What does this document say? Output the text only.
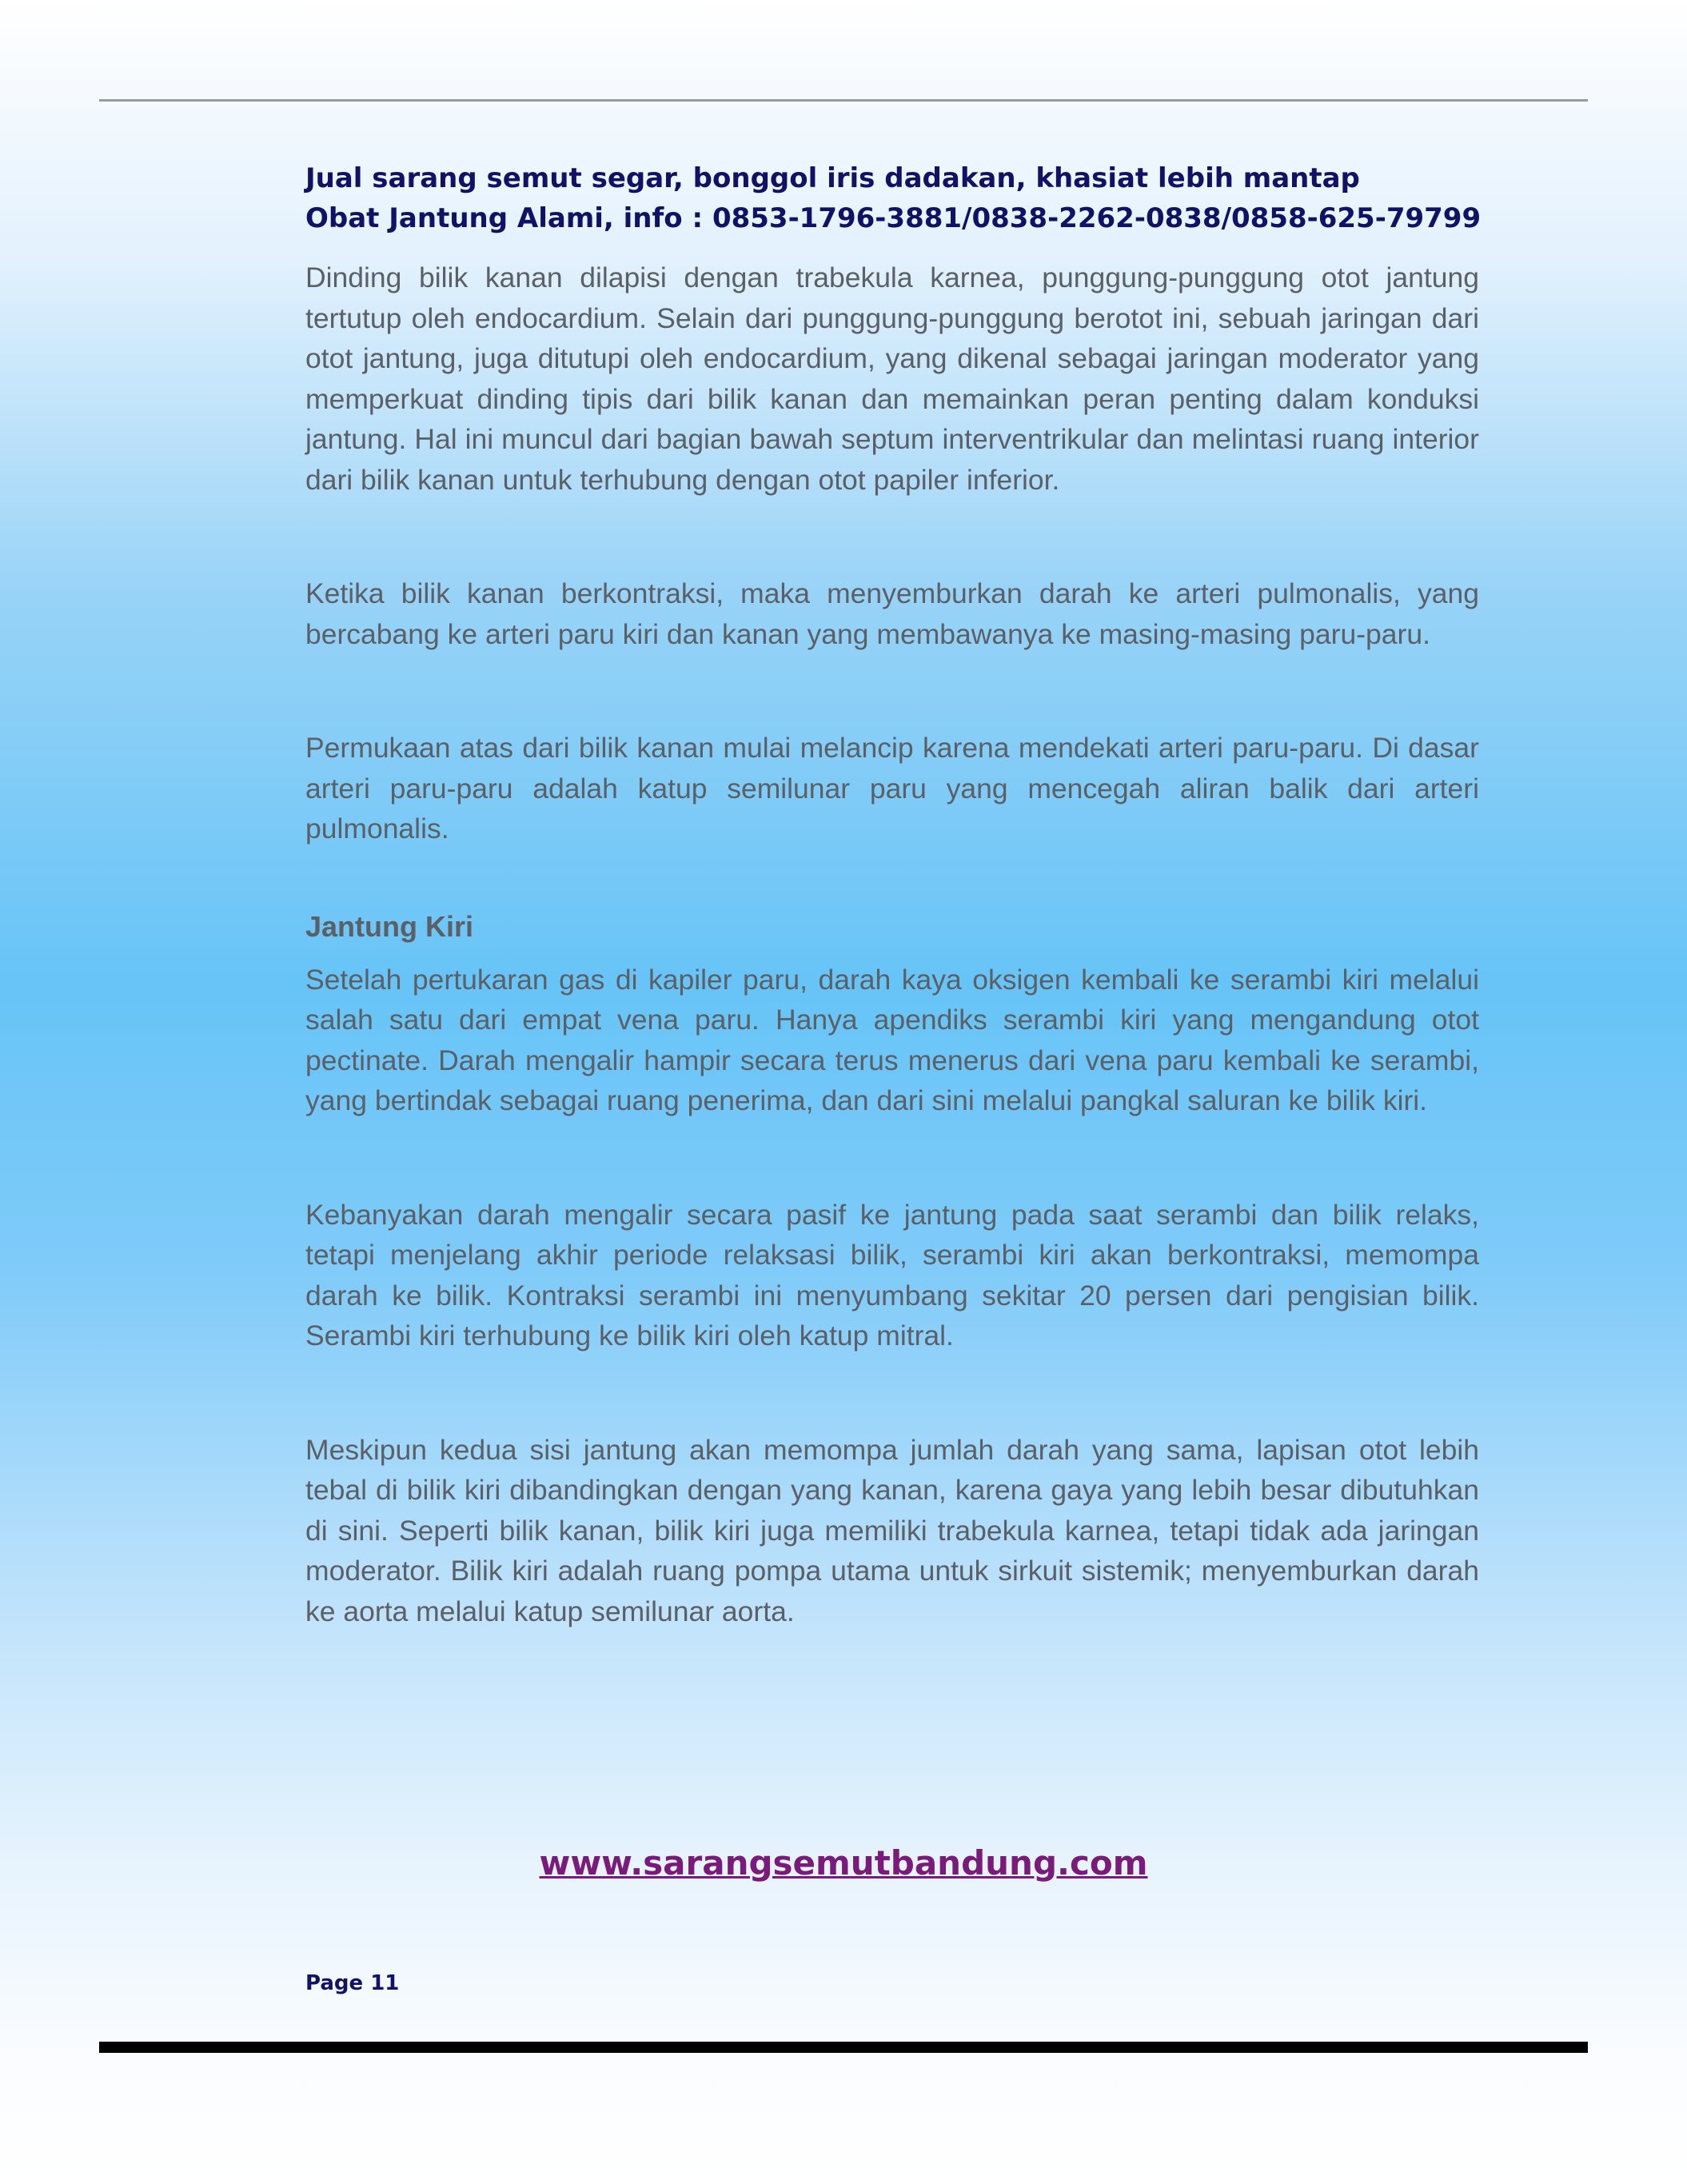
Jual sarang semut segar, bonggol iris dadakan, khasiat lebih mantap
Obat Jantung Alami, info : 0853-1796-3881/0838-2262-0838/0858-625-79799

Dinding bilik kanan dilapisi dengan trabekula karnea, punggung-punggung otot jantung tertutup oleh endocardium. Selain dari punggung-punggung berotot ini, sebuah jaringan dari otot jantung, juga ditutupi oleh endocardium, yang dikenal sebagai jaringan moderator yang memperkuat dinding tipis dari bilik kanan dan memainkan peran penting dalam konduksi jantung. Hal ini muncul dari bagian bawah septum interventrikular dan melintasi ruang interior dari bilik kanan untuk terhubung dengan otot papiler inferior.

Ketika bilik kanan berkontraksi, maka menyemburkan darah ke arteri pulmonalis, yang bercabang ke arteri paru kiri dan kanan yang membawanya ke masing-masing paru-paru.

Permukaan atas dari bilik kanan mulai melancip karena mendekati arteri paru-paru. Di dasar arteri paru-paru adalah katup semilunar paru yang mencegah aliran balik dari arteri pulmonalis.

Jantung Kiri

Setelah pertukaran gas di kapiler paru, darah kaya oksigen kembali ke serambi kiri melalui salah satu dari empat vena paru. Hanya apendiks serambi kiri yang mengandung otot pectinate. Darah mengalir hampir secara terus menerus dari vena paru kembali ke serambi, yang bertindak sebagai ruang penerima, dan dari sini melalui pangkal saluran ke bilik kiri.

Kebanyakan darah mengalir secara pasif ke jantung pada saat serambi dan bilik relaks, tetapi menjelang akhir periode relaksasi bilik, serambi kiri akan berkontraksi, memompa darah ke bilik. Kontraksi serambi ini menyumbang sekitar 20 persen dari pengisian bilik. Serambi kiri terhubung ke bilik kiri oleh katup mitral.

Meskipun kedua sisi jantung akan memompa jumlah darah yang sama, lapisan otot lebih tebal di bilik kiri dibandingkan dengan yang kanan, karena gaya yang lebih besar dibutuhkan di sini. Seperti bilik kanan, bilik kiri juga memiliki trabekula karnea, tetapi tidak ada jaringan moderator. Bilik kiri adalah ruang pompa utama untuk sirkuit sistemik; menyemburkan darah ke aorta melalui katup semilunar aorta.

www.sarangsemutbandung.com
Page 11
